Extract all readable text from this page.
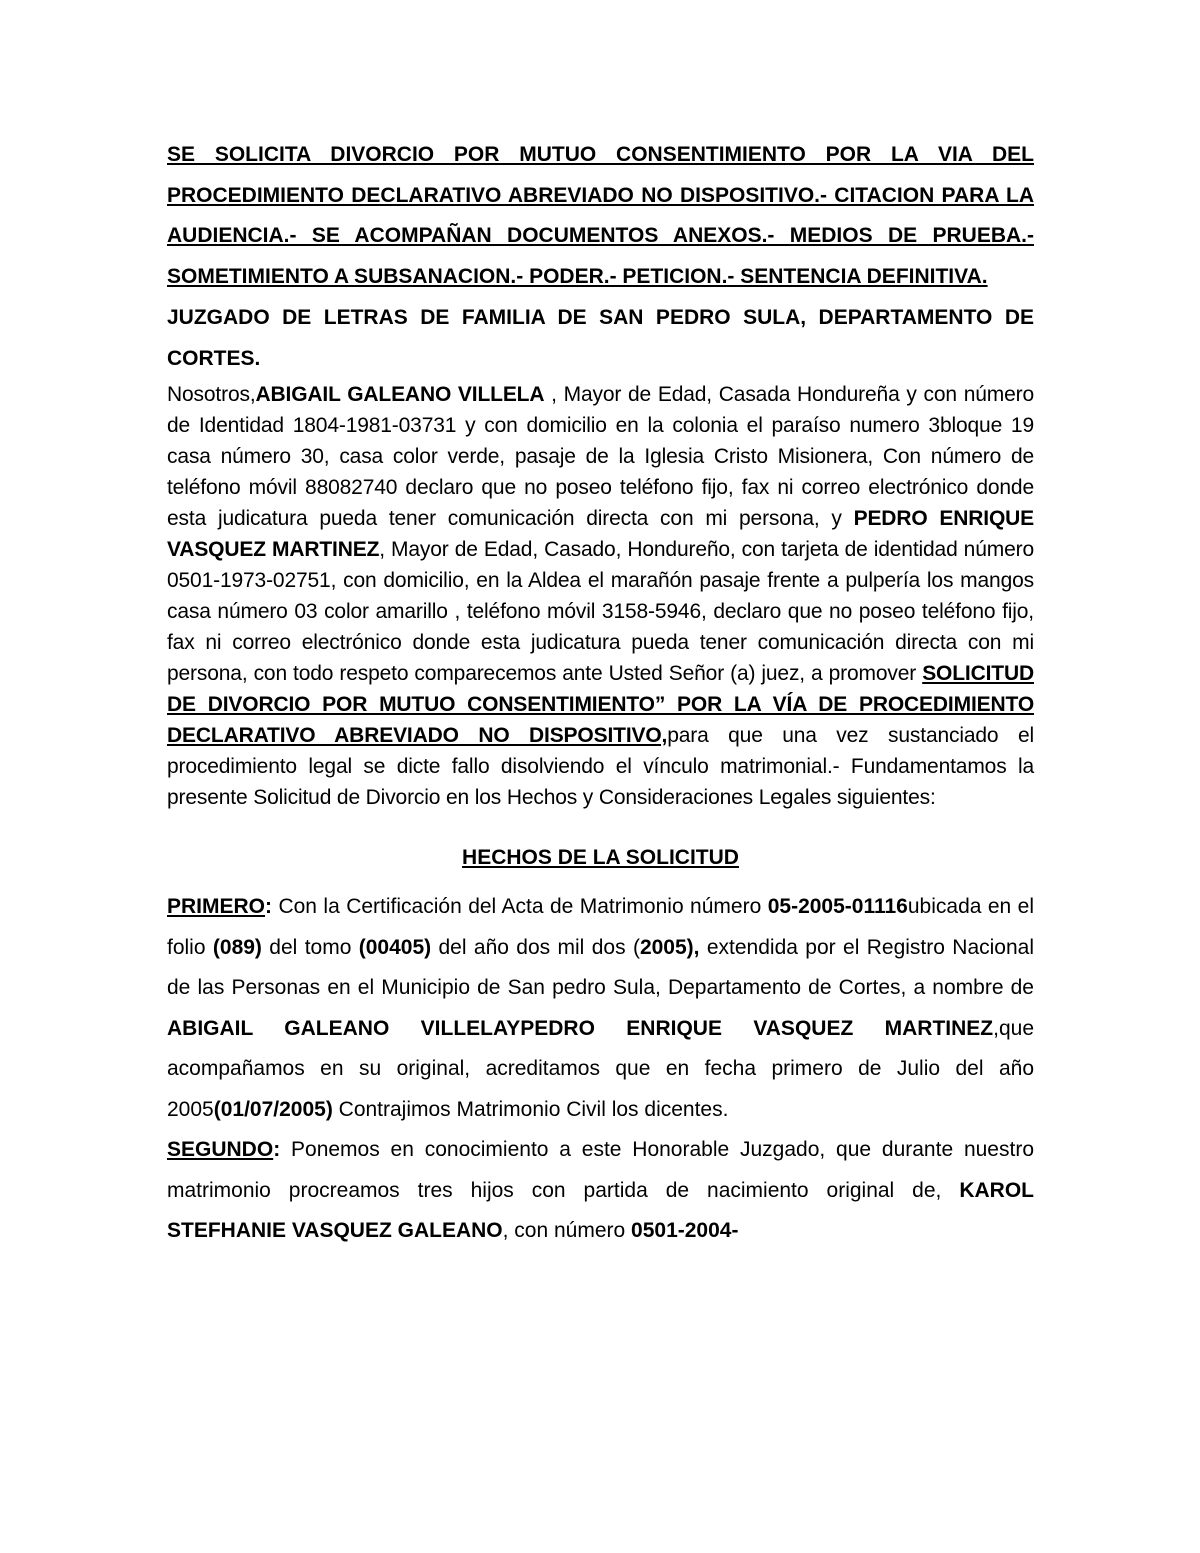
SE SOLICITA DIVORCIO POR MUTUO CONSENTIMIENTO POR LA VIA DEL PROCEDIMIENTO DECLARATIVO ABREVIADO NO DISPOSITIVO.- CITACION PARA LA AUDIENCIA.- SE ACOMPAÑAN DOCUMENTOS ANEXOS.- MEDIOS DE PRUEBA.- SOMETIMIENTO A SUBSANACION.- PODER.- PETICION.- SENTENCIA DEFINITIVA.

JUZGADO DE LETRAS DE FAMILIA DE SAN PEDRO SULA, DEPARTAMENTO DE CORTES.

Nosotros,ABIGAIL GALEANO VILLELA , Mayor de Edad, Casada Hondureña y con número de Identidad 1804-1981-03731 y con domicilio en la colonia el paraíso numero 3bloque 19 casa número 30, casa color verde, pasaje de la Iglesia Cristo Misionera, Con número de teléfono móvil 88082740 declaro que no poseo teléfono fijo, fax ni correo electrónico donde esta judicatura pueda tener comunicación directa con mi persona, y PEDRO ENRIQUE VASQUEZ MARTINEZ, Mayor de Edad, Casado, Hondureño, con tarjeta de identidad número 0501-1973-02751, con domicilio, en la Aldea el marañón pasaje frente a pulpería los mangos casa número 03 color amarillo , teléfono móvil 3158-5946, declaro que no poseo teléfono fijo, fax ni correo electrónico donde esta judicatura pueda tener comunicación directa con mi persona, con todo respeto comparecemos ante Usted Señor (a) juez, a promover SOLICITUD DE DIVORCIO POR MUTUO CONSENTIMIENTO” POR LA VÍA DE PROCEDIMIENTO DECLARATIVO ABREVIADO NO DISPOSITIVO,para que una vez sustanciado el procedimiento legal se dicte fallo disolviendo el vínculo matrimonial.- Fundamentamos la presente Solicitud de Divorcio en los Hechos y Consideraciones Legales siguientes:

HECHOS DE LA SOLICITUD

PRIMERO: Con la Certificación del Acta de Matrimonio número 05-2005-01116ubicada en el folio (089) del tomo (00405) del año dos mil dos (2005), extendida por el Registro Nacional de las Personas en el Municipio de San pedro Sula, Departamento de Cortes, a nombre de ABIGAIL GALEANO VILLELAYPEDRO ENRIQUE VASQUEZ MARTINEZ,que acompañamos en su original, acreditamos que en fecha primero de Julio del año 2005(01/07/2005) Contrajimos Matrimonio Civil los dicentes.

SEGUNDO: Ponemos en conocimiento a este Honorable Juzgado, que durante nuestro matrimonio procreamos tres hijos con partida de nacimiento original de, KAROL STEFHANIE VASQUEZ GALEANO, con número 0501-2004-
